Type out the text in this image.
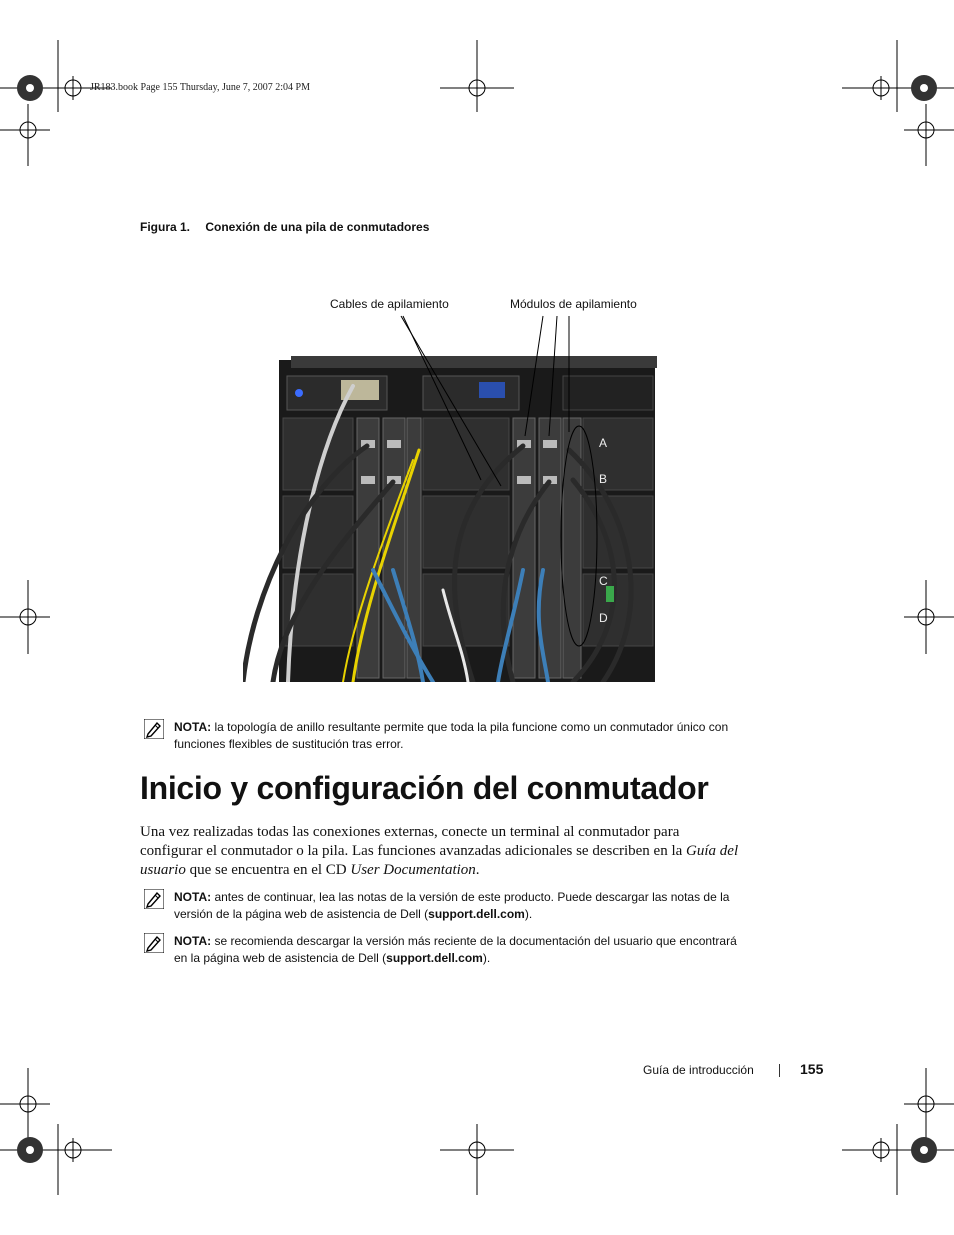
JR183.book Page 155 Thursday, June 7, 2007 2:04 PM
Figura 1. Conexión de una pila de conmutadores
Cables de apilamiento	Módulos de apilamiento
A
B
C
D
NOTA: la topología de anillo resultante permite que toda la pila funcione como un conmutador único con funciones flexibles de sustitución tras error.
Inicio y configuración del conmutador
Una vez realizadas todas las conexiones externas, conecte un terminal al conmutador para configurar el conmutador o la pila. Las funciones avanzadas adicionales se describen en la Guía del usuario que se encuentra en el CD User Documentation.
NOTA: antes de continuar, lea las notas de la versión de este producto. Puede descargar las notas de la versión de la página web de asistencia de Dell (support.dell.com).
NOTA: se recomienda descargar la versión más reciente de la documentación del usuario que encontrará en la página web de asistencia de Dell (support.dell.com).
Guía de introducción	155
